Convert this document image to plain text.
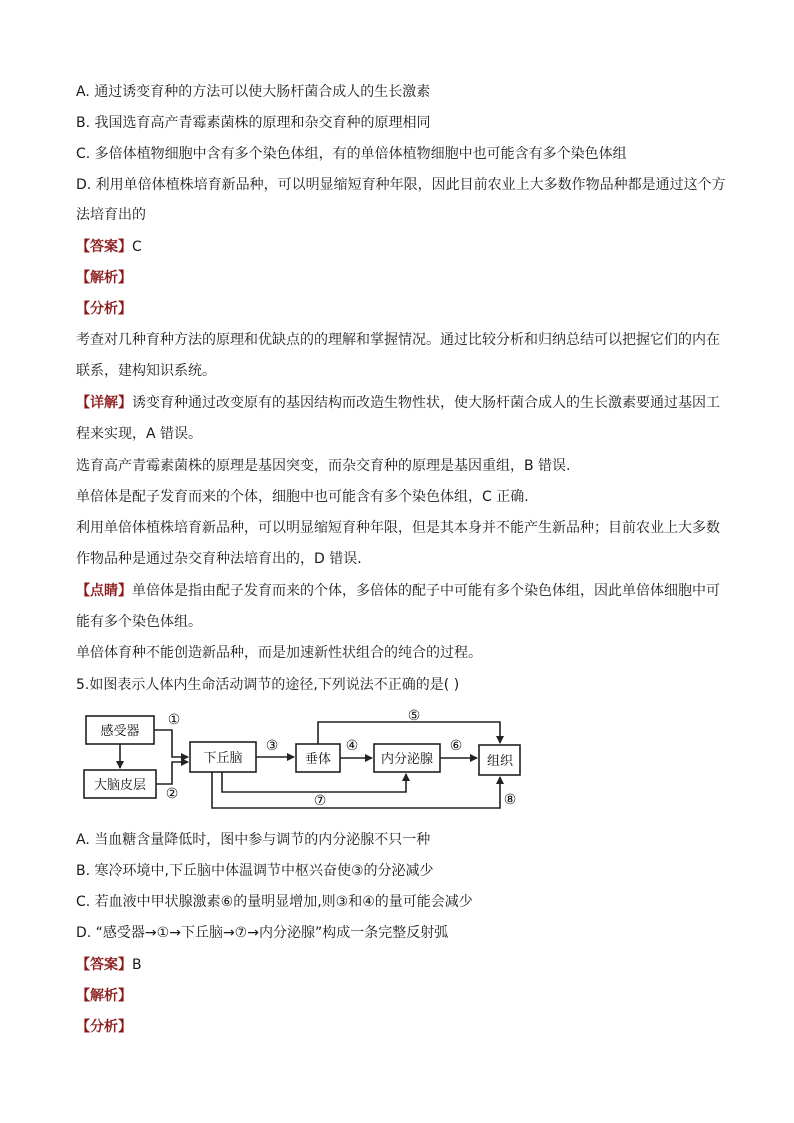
A. 通过诱变育种的方法可以使大肠杆菌合成人的生长激素
B. 我国选育高产青霉素菌株的原理和杂交育种的原理相同
C. 多倍体植物细胞中含有多个染色体组，有的单倍体植物细胞中也可能含有多个染色体组
D. 利用单倍体植株培育新品种，可以明显缩短育种年限，因此目前农业上大多数作物品种都是通过这个方
法培育出的
【答案】C
【解析】
【分析】
考查对几种育种方法的原理和优缺点的的理解和掌握情况。通过比较分析和归纳总结可以把握它们的内在
联系，建构知识系统。
【详解】诱变育种通过改变原有的基因结构而改造生物性状，使大肠杆菌合成人的生长激素要通过基因工
程来实现，A 错误。
选育高产青霉素菌株的原理是基因突变，而杂交育种的原理是基因重组，B 错误.
单倍体是配子发育而来的个体，细胞中也可能含有多个染色体组，C 正确.
利用单倍体植株培育新品种，可以明显缩短育种年限，但是其本身并不能产生新品种；目前农业上大多数
作物品种是通过杂交育种法培育出的，D 错误.
【点睛】单倍体是指由配子发育而来的个体，多倍体的配子中可能有多个染色体组，因此单倍体细胞中可
能有多个染色体组。
单倍体育种不能创造新品种，而是加速新性状组合的纯合的过程。
5.如图表示人体内生命活动调节的途径,下列说法不正确的是( )
感受器
大脑皮层
下丘脑	垂体	内分泌腺	组织
①
②
③	④
⑤
⑥
⑦	⑧
A. 当血糖含量降低时，图中参与调节的内分泌腺不只一种
B. 寒冷环境中,下丘脑中体温调节中枢兴奋使③的分泌减少
C. 若血液中甲状腺激素⑥的量明显增加,则③和④的量可能会减少
D. “感受器→①→下丘脑→⑦→内分泌腺”构成一条完整反射弧
【答案】B
【解析】
【分析】
